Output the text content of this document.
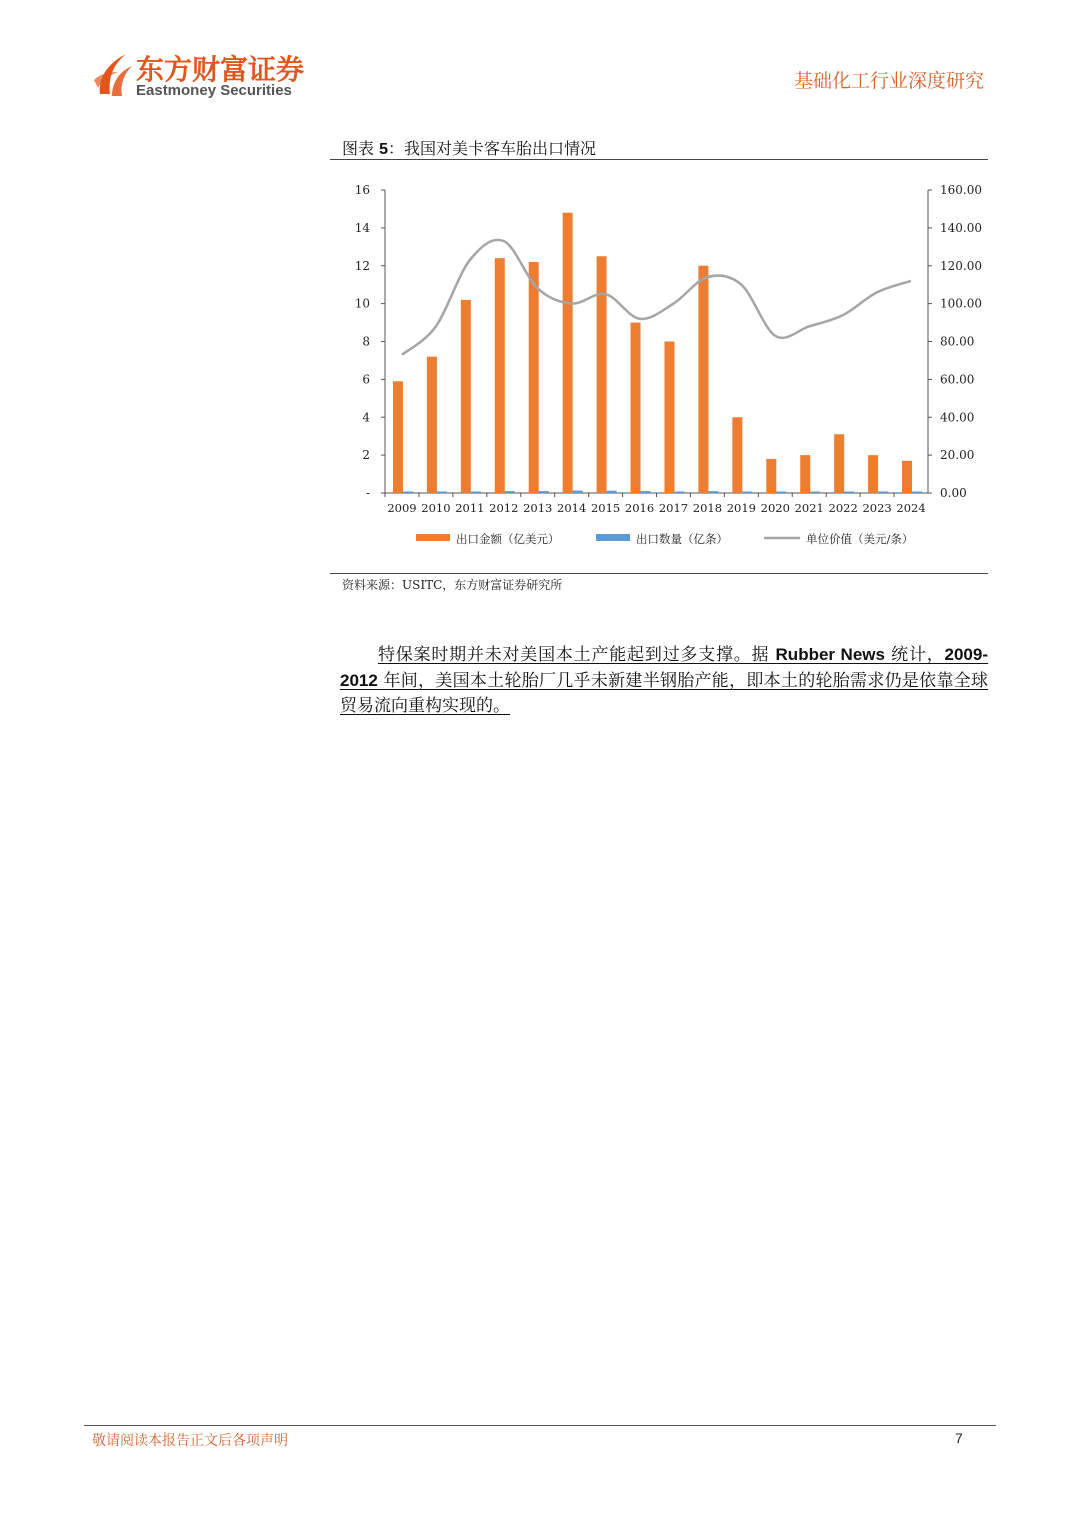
东方财富证券
Eastmoney Securities	基础化工行业深度研究
图表 5：我国对美卡客车胎出口情况
-
2
4
6
8
10
12
14
16
0.00
20.00
40.00
60.00
80.00
100.00
120.00
140.00
160.00
2009 2010 2011 2012 2013 2014 2015 2016 2017 2018 2019 2020 2021 2022 2023 2024
出口金额（亿美元）	出口数量（亿条）	单位价值（美元/条）
资料来源：USITC，东方财富证券研究所
特保案时期并未对美国本土产能起到过多支撑。据 Rubber News 统计，2009-2012 年间，美国本土轮胎厂几乎未新建半钢胎产能，即本土的轮胎需求仍是依靠全球贸易流向重构实现的。
敬请阅读本报告正文后各项声明	7
